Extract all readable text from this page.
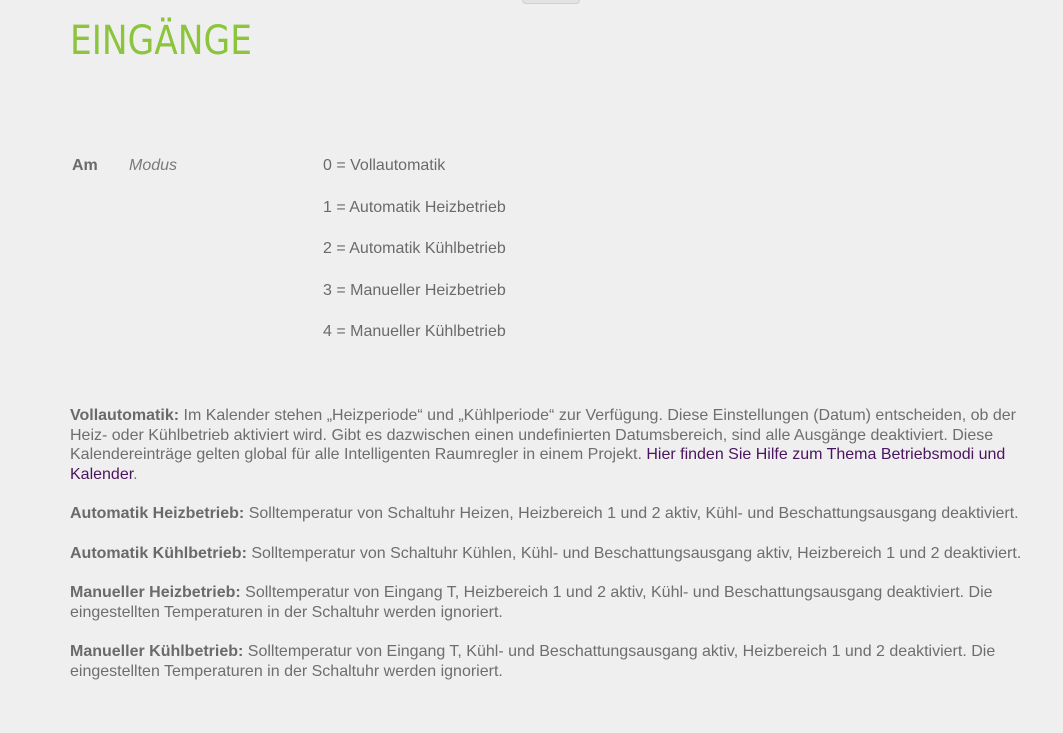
EINGÄNGE
Am Modus	0 = Vollautomatik
1 = Automatik Heizbetrieb
2 = Automatik Kühlbetrieb
3 = Manueller Heizbetrieb
4 = Manueller Kühlbetrieb

Vollautomatik: Im Kalender stehen „Heizperiode“ und „Kühlperiode“ zur Verfügung. Diese Einstellungen (Datum) entscheiden, ob der Heiz- oder Kühlbetrieb aktiviert wird. Gibt es dazwischen einen undefinierten Datumsbereich, sind alle Ausgänge deaktiviert. Diese Kalendereinträge gelten global für alle Intelligenten Raumregler in einem Projekt. Hier finden Sie Hilfe zum Thema Betriebsmodi und Kalender.

Automatik Heizbetrieb: Solltemperatur von Schaltuhr Heizen, Heizbereich 1 und 2 aktiv, Kühl- und Beschattungsausgang deaktiviert.

Automatik Kühlbetrieb: Solltemperatur von Schaltuhr Kühlen, Kühl- und Beschattungsausgang aktiv, Heizbereich 1 und 2 deaktiviert.

Manueller Heizbetrieb: Solltemperatur von Eingang T, Heizbereich 1 und 2 aktiv, Kühl- und Beschattungsausgang deaktiviert. Die eingestellten Temperaturen in der Schaltuhr werden ignoriert.

Manueller Kühlbetrieb: Solltemperatur von Eingang T, Kühl- und Beschattungsausgang aktiv, Heizbereich 1 und 2 deaktiviert. Die eingestellten Temperaturen in der Schaltuhr werden ignoriert.
